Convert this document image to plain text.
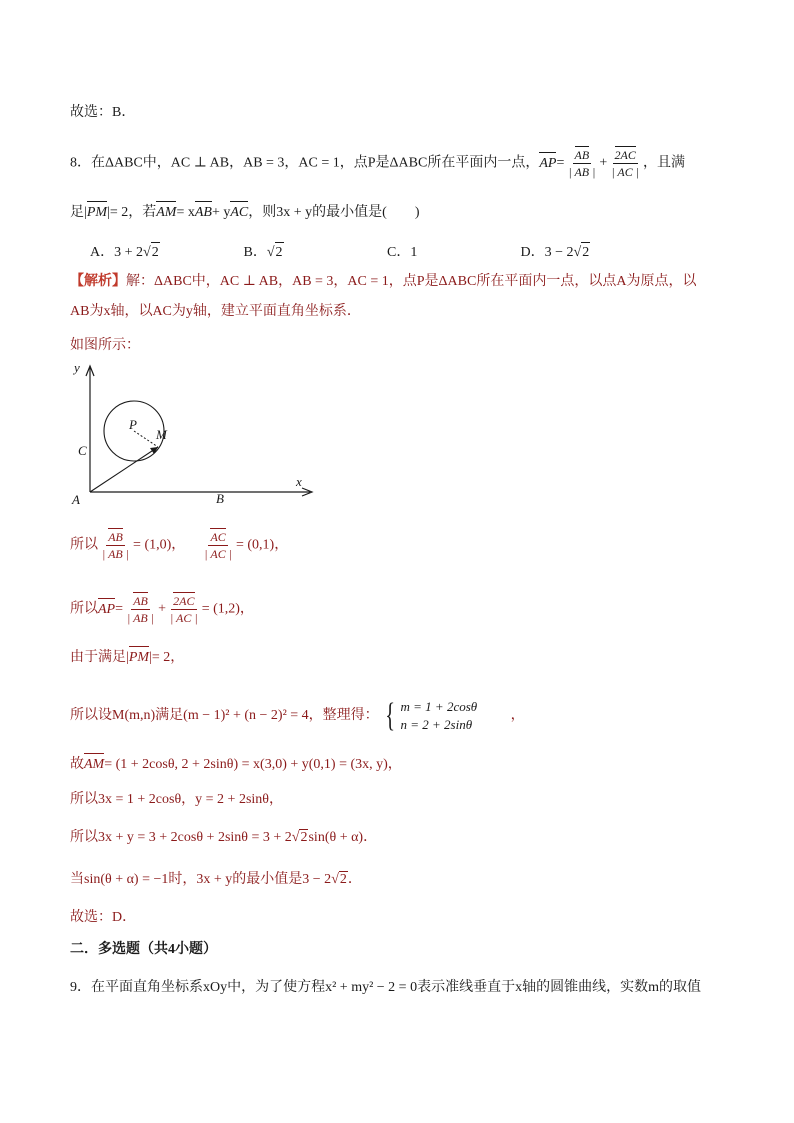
故选：B．
8．在ΔABC中，AC ⊥ AB，AB = 3，AC = 1，点P是ΔABC所在平面内一点，$AP= \frac{AB}{| AB |} + \frac{2AC}{| AC |}$ ，且满
足|PM|= 2，若AM= xAB+ yAC，则3x + y的最小值是(　　)
A．3 + 2√2	B．√2	C．1	D．3 − 2√2
【解析】解：ΔABC中，AC ⊥ AB，AB = 3，AC = 1，点P是ΔABC所在平面内一点，以点A为原点，以
AB为x轴，以AC为y轴，建立平面直角坐标系．
如图所示：
y
x
A	B
C
P
M
所以 $\frac{AB}{| AB |} = (1,0)$， $\frac{AC}{| AC |} = (0,1)$，
所以$AP= \frac{AB}{| AB |} + \frac{2AC}{| AC |} = (1,2)$，
由于满足|PM|= 2，
所以设M(m,n)满足(m − 1)² + (n − 2)² = 4，整理得： { m = 1 + 2cosθ
n = 2 + 2sinθ
，
故AM= (1 + 2cosθ, 2 + 2sinθ) = x(3,0) + y(0,1) = (3x, y)，
所以3x = 1 + 2cosθ，y = 2 + 2sinθ，
所以3x + y = 3 + 2cosθ + 2sinθ = 3 + 2√2sin(θ + α)．
当sin(θ + α) = −1时，3x + y的最小值是3 − 2√2．
故选：D．
二．多选题（共4小题）
9．在平面直角坐标系xOy中，为了使方程x² + my² − 2 = 0表示准线垂直于x轴的圆锥曲线，实数m的取值
